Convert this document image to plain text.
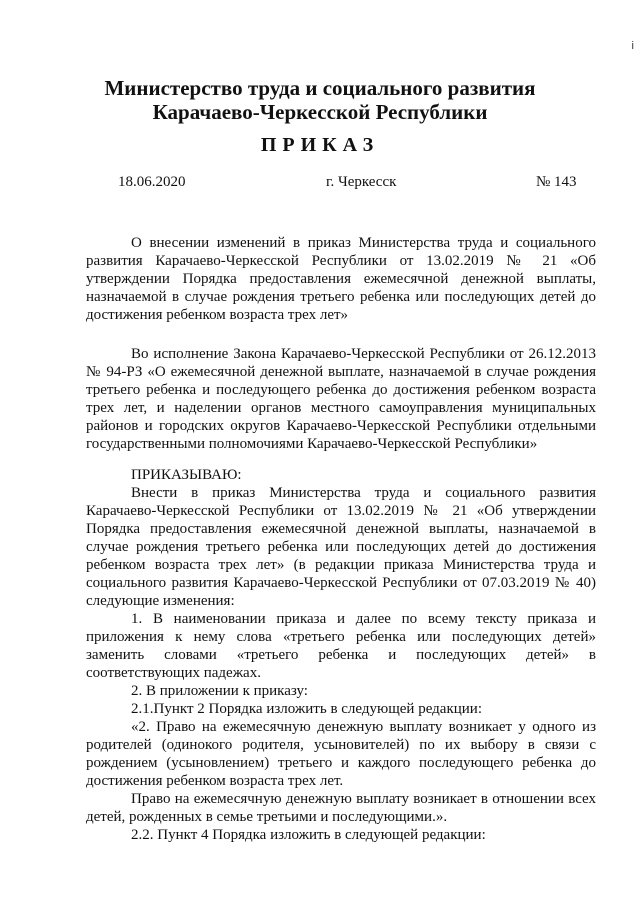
i
Министерство труда и социального развития
Карачаево-Черкесской Республики
ПРИКАЗ
18.06.2020	г. Черкесск	№ 143

О внесении изменений в приказ Министерства труда и социального развития Карачаево-Черкесской Республики от 13.02.2019 № 21 «Об утверждении Порядка предоставления ежемесячной денежной выплаты, назначаемой в случае рождения третьего ребенка или последующих детей до достижения ребенком возраста трех лет»

Во исполнение Закона Карачаево-Черкесской Республики от 26.12.2013 № 94-РЗ «О ежемесячной денежной выплате, назначаемой в случае рождения третьего ребенка и последующего ребенка до достижения ребенком возраста трех лет, и наделении органов местного самоуправления муниципальных районов и городских округов Карачаево-Черкесской Республики отдельными государственными полномочиями Карачаево-Черкесской Республики»

ПРИКАЗЫВАЮ:

Внести в приказ Министерства труда и социального развития Карачаево-Черкесской Республики от 13.02.2019 № 21 «Об утверждении Порядка предоставления ежемесячной денежной выплаты, назначаемой в случае рождения третьего ребенка или последующих детей до достижения ребенком возраста трех лет» (в редакции приказа Министерства труда и социального развития Карачаево-Черкесской Республики от 07.03.2019 № 40) следующие изменения:

1. В наименовании приказа и далее по всему тексту приказа и приложения к нему слова «третьего ребенка или последующих детей» заменить словами «третьего ребенка и последующих детей» в соответствующих падежах.

2. В приложении к приказу:

2.1.Пункт 2 Порядка изложить в следующей редакции:

«2. Право на ежемесячную денежную выплату возникает у одного из родителей (одинокого родителя, усыновителей) по их выбору в связи с рождением (усыновлением) третьего и каждого последующего ребенка до достижения ребенком возраста трех лет.

Право на ежемесячную денежную выплату возникает в отношении всех детей, рожденных в семье третьими и последующими.».

2.2. Пункт 4 Порядка изложить в следующей редакции:
